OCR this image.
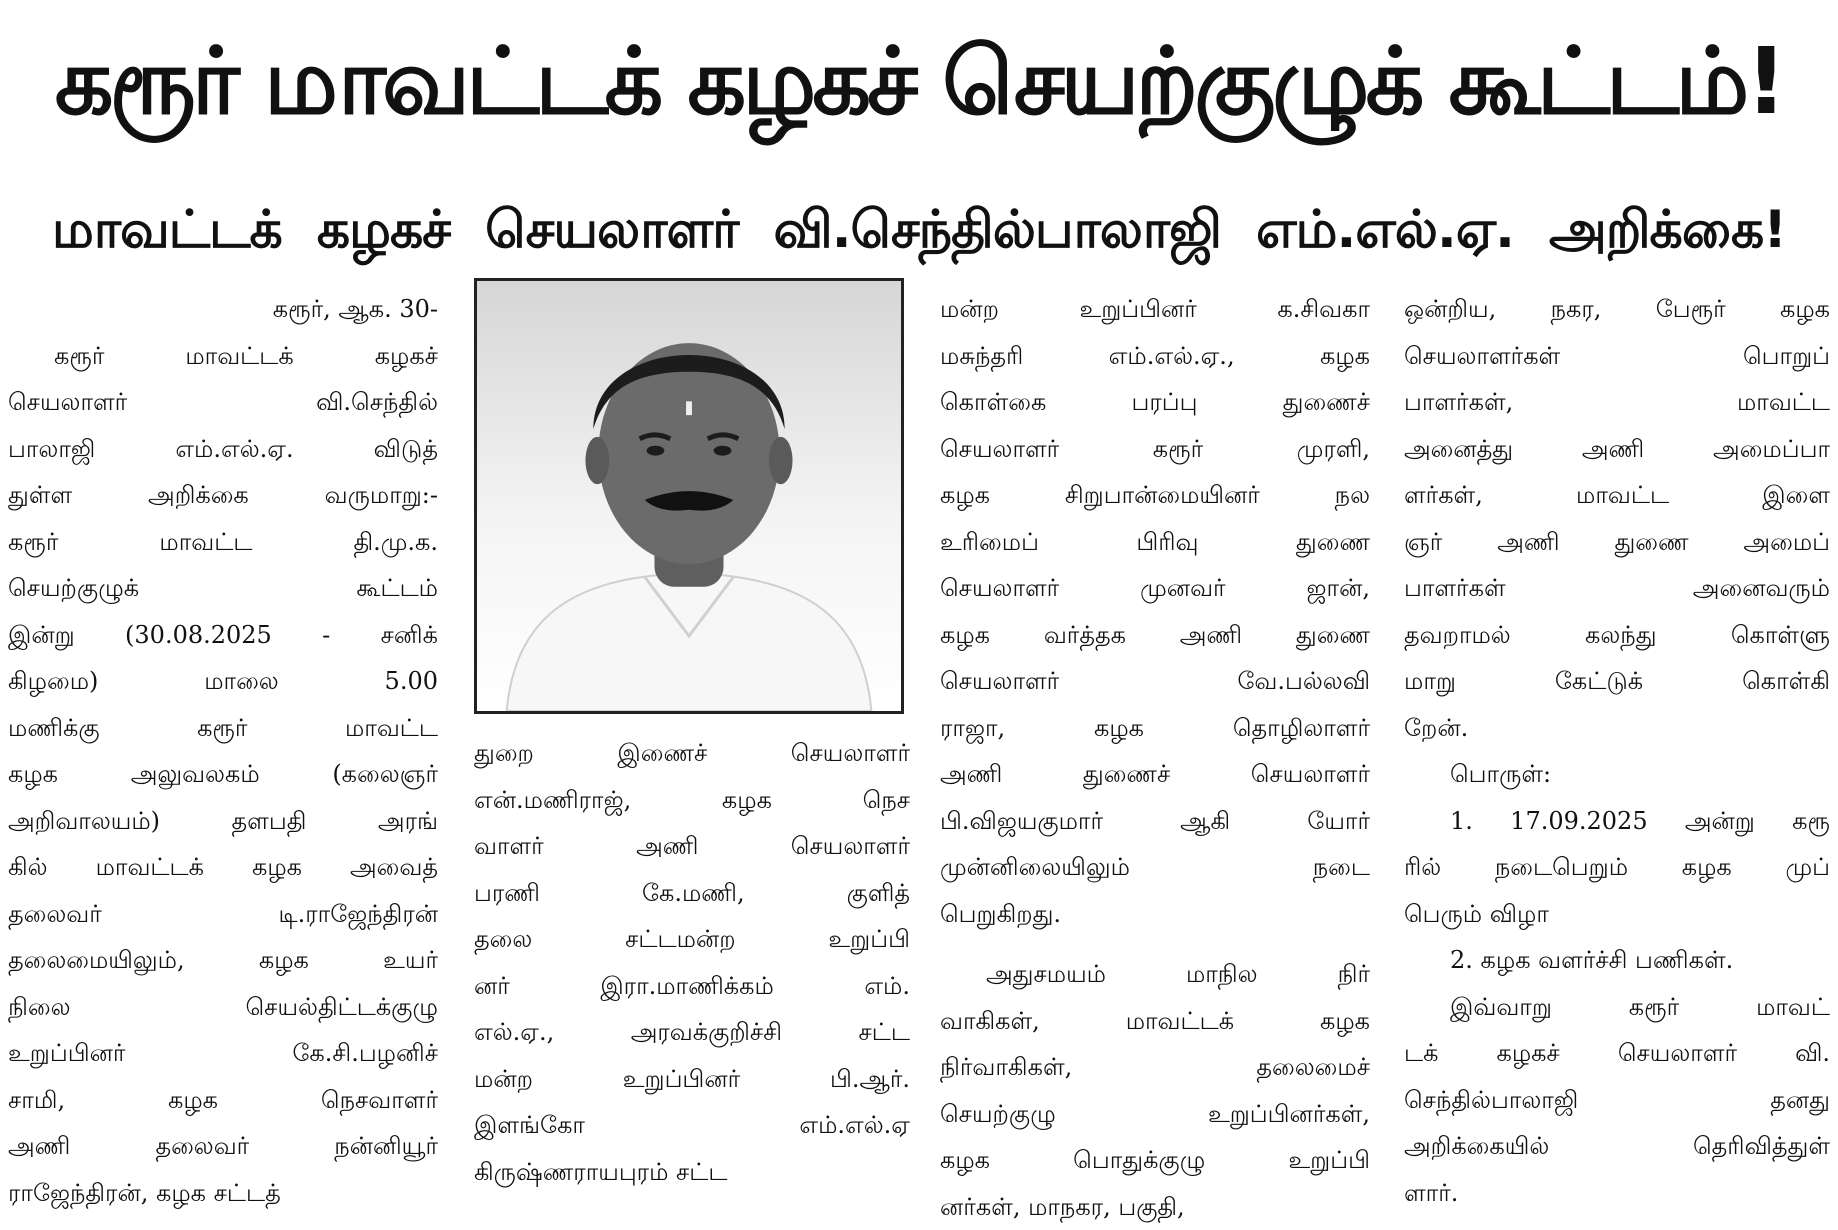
கரூர் மாவட்டக் கழகச் செயற்குழுக் கூட்டம்!
மாவட்டக் கழகச் செயலாளர் வி.செந்தில்பாலாஜி எம்.எல்.ஏ. அறிக்கை!
கரூர், ஆக. 30-
கரூர் மாவட்டக் கழகச்
செயலாளர் வி.செந்தில்
பாலாஜி எம்.எல்.ஏ. விடுத்
துள்ள அறிக்கை வருமாறு:-
கரூர் மாவட்ட தி.மு.க.
செயற்குழுக் கூட்டம்
இன்று (30.08.2025 - சனிக்
கிழமை) மாலை 5.00
மணிக்கு கரூர் மாவட்ட
கழக அலுவலகம் (கலைஞர்
அறிவாலயம்) தளபதி அரங்
கில் மாவட்டக் கழக அவைத்
தலைவர் டி.ராஜேந்திரன்
தலைமையிலும், கழக உயர்
நிலை செயல்திட்டக்குழு
உறுப்பினர் கே.சி.பழனிச்
சாமி, கழக நெசவாளர்
அணி தலைவர் நன்னியூர்
ராஜேந்திரன், கழக சட்டத்
துறை இணைச் செயலாளர்
என்.மணிராஜ், கழக நெச
வாளர் அணி செயலாளர்
பரணி கே.மணி, குளித்
தலை சட்டமன்ற உறுப்பி
னர் இரா.மாணிக்கம் எம்.
எல்.ஏ., அரவக்குறிச்சி சட்ட
மன்ற உறுப்பினர் பி.ஆர்.
இளங்கோ எம்.எல்.ஏ
கிருஷ்ணராயபுரம் சட்ட
மன்ற உறுப்பினர் க.சிவகா
மசுந்தரி எம்.எல்.ஏ., கழக
கொள்கை பரப்பு துணைச்
செயலாளர் கரூர் முரளி,
கழக சிறுபான்மையினர் நல
உரிமைப் பிரிவு துணை
செயலாளர் முனவர் ஜான்,
கழக வர்த்தக அணி துணை
செயலாளர் வே.பல்லவி
ராஜா, கழக தொழிலாளர்
அணி துணைச் செயலாளர்
பி.விஜயகுமார் ஆகி யோர்
முன்னிலையிலும் நடை
பெறுகிறது.
அதுசமயம் மாநில நிர்
வாகிகள், மாவட்டக் கழக
நிர்வாகிகள், தலைமைச்
செயற்குழு உறுப்பினர்கள்,
கழக பொதுக்குழு உறுப்பி
னர்கள், மாநகர, பகுதி,
ஒன்றிய, நகர, பேரூர் கழக
செயலாளர்கள் பொறுப்
பாளர்கள், மாவட்ட
அனைத்து அணி அமைப்பா
ளர்கள், மாவட்ட இளை
ஞர் அணி துணை அமைப்
பாளர்கள் அனைவரும்
தவறாமல் கலந்து கொள்ளு
மாறு கேட்டுக் கொள்கி
றேன்.
பொருள்:
1. 17.09.2025 அன்று கரூ
ரில் நடைபெறும் கழக முப்
பெரும் விழா
2. கழக வளர்ச்சி பணிகள்.
இவ்வாறு கரூர் மாவட்
டக் கழகச் செயலாளர் வி.
செந்தில்பாலாஜி தனது
அறிக்கையில் தெரிவித்துள்
ளார்.
